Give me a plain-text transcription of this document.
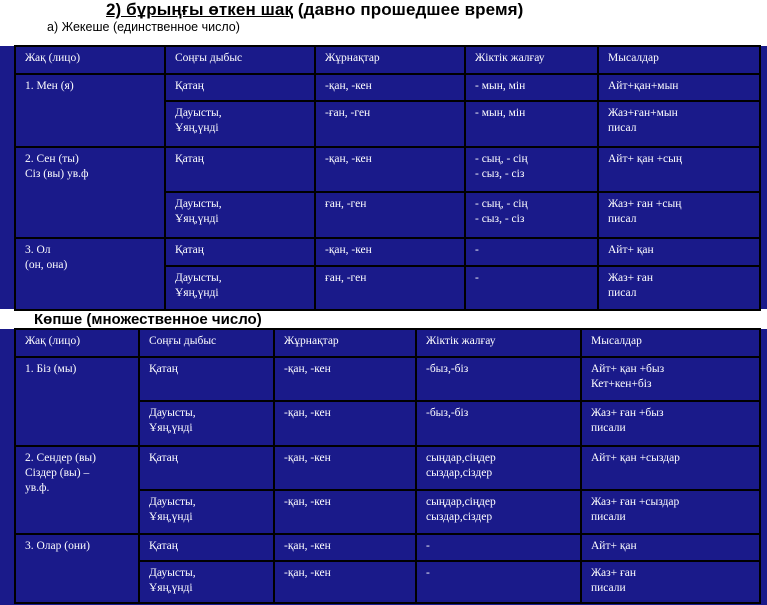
2) бұрыңғы өткен шақ (давно прошедшее время)
а) Жекеше (единственное число)
Көпше (множественное число)
Жақ (лицо)	Соңғы дыбыс	Жұрнақтар	Жіктік жалғау	Мысалдар

1. Мен (я)	Қатаң	-қан, -кен	- мын, мін	Айт+қан+мын

	Дауысты,
Ұяң,үнді	-ған, -ген	- мын, мін	Жаз+ған+мын
писал

2. Сен (ты)
Сіз (вы) ув.ф	Қатаң	-қан, -кен	- сың, - сің
- сыз, - сіз	Айт+ қан +сың

	Дауысты,
Ұяң,үнді	ған, -ген	- сың, - сің
- сыз, - сіз	Жаз+ ған +сың
писал

3. Ол
(он, она)	Қатаң	-қан, -кен	-	Айт+ қан

	Дауысты,
Ұяң,үнді	ған, -ген	-	Жаз+ ған
писал
Жақ (лицо)	Соңғы дыбыс	Жұрнақтар	Жіктік жалғау	Мысалдар

1. Біз (мы)	Қатаң	-қан, -кен	-быз,-біз	Айт+ қан +быз
Кет+кен+біз

	Дауысты,
Ұяң,үнді	-қан, -кен	-быз,-біз	Жаз+ ған +быз
писали

2. Сендер (вы)
Сіздер (вы) –
ув.ф.	Қатаң	-қан, -кен	сыңдар,сіңдер
сыздар,сіздер	Айт+ қан +сыздар

	Дауысты,
Ұяң,үнді	-қан, -кен	сыңдар,сіңдер
сыздар,сіздер	Жаз+ ған +сыздар
писали

3. Олар (они)	Қатаң	-қан, -кен	-	Айт+ қан

	Дауысты,
Ұяң,үнді	-қан, -кен	-	Жаз+ ған
писали
